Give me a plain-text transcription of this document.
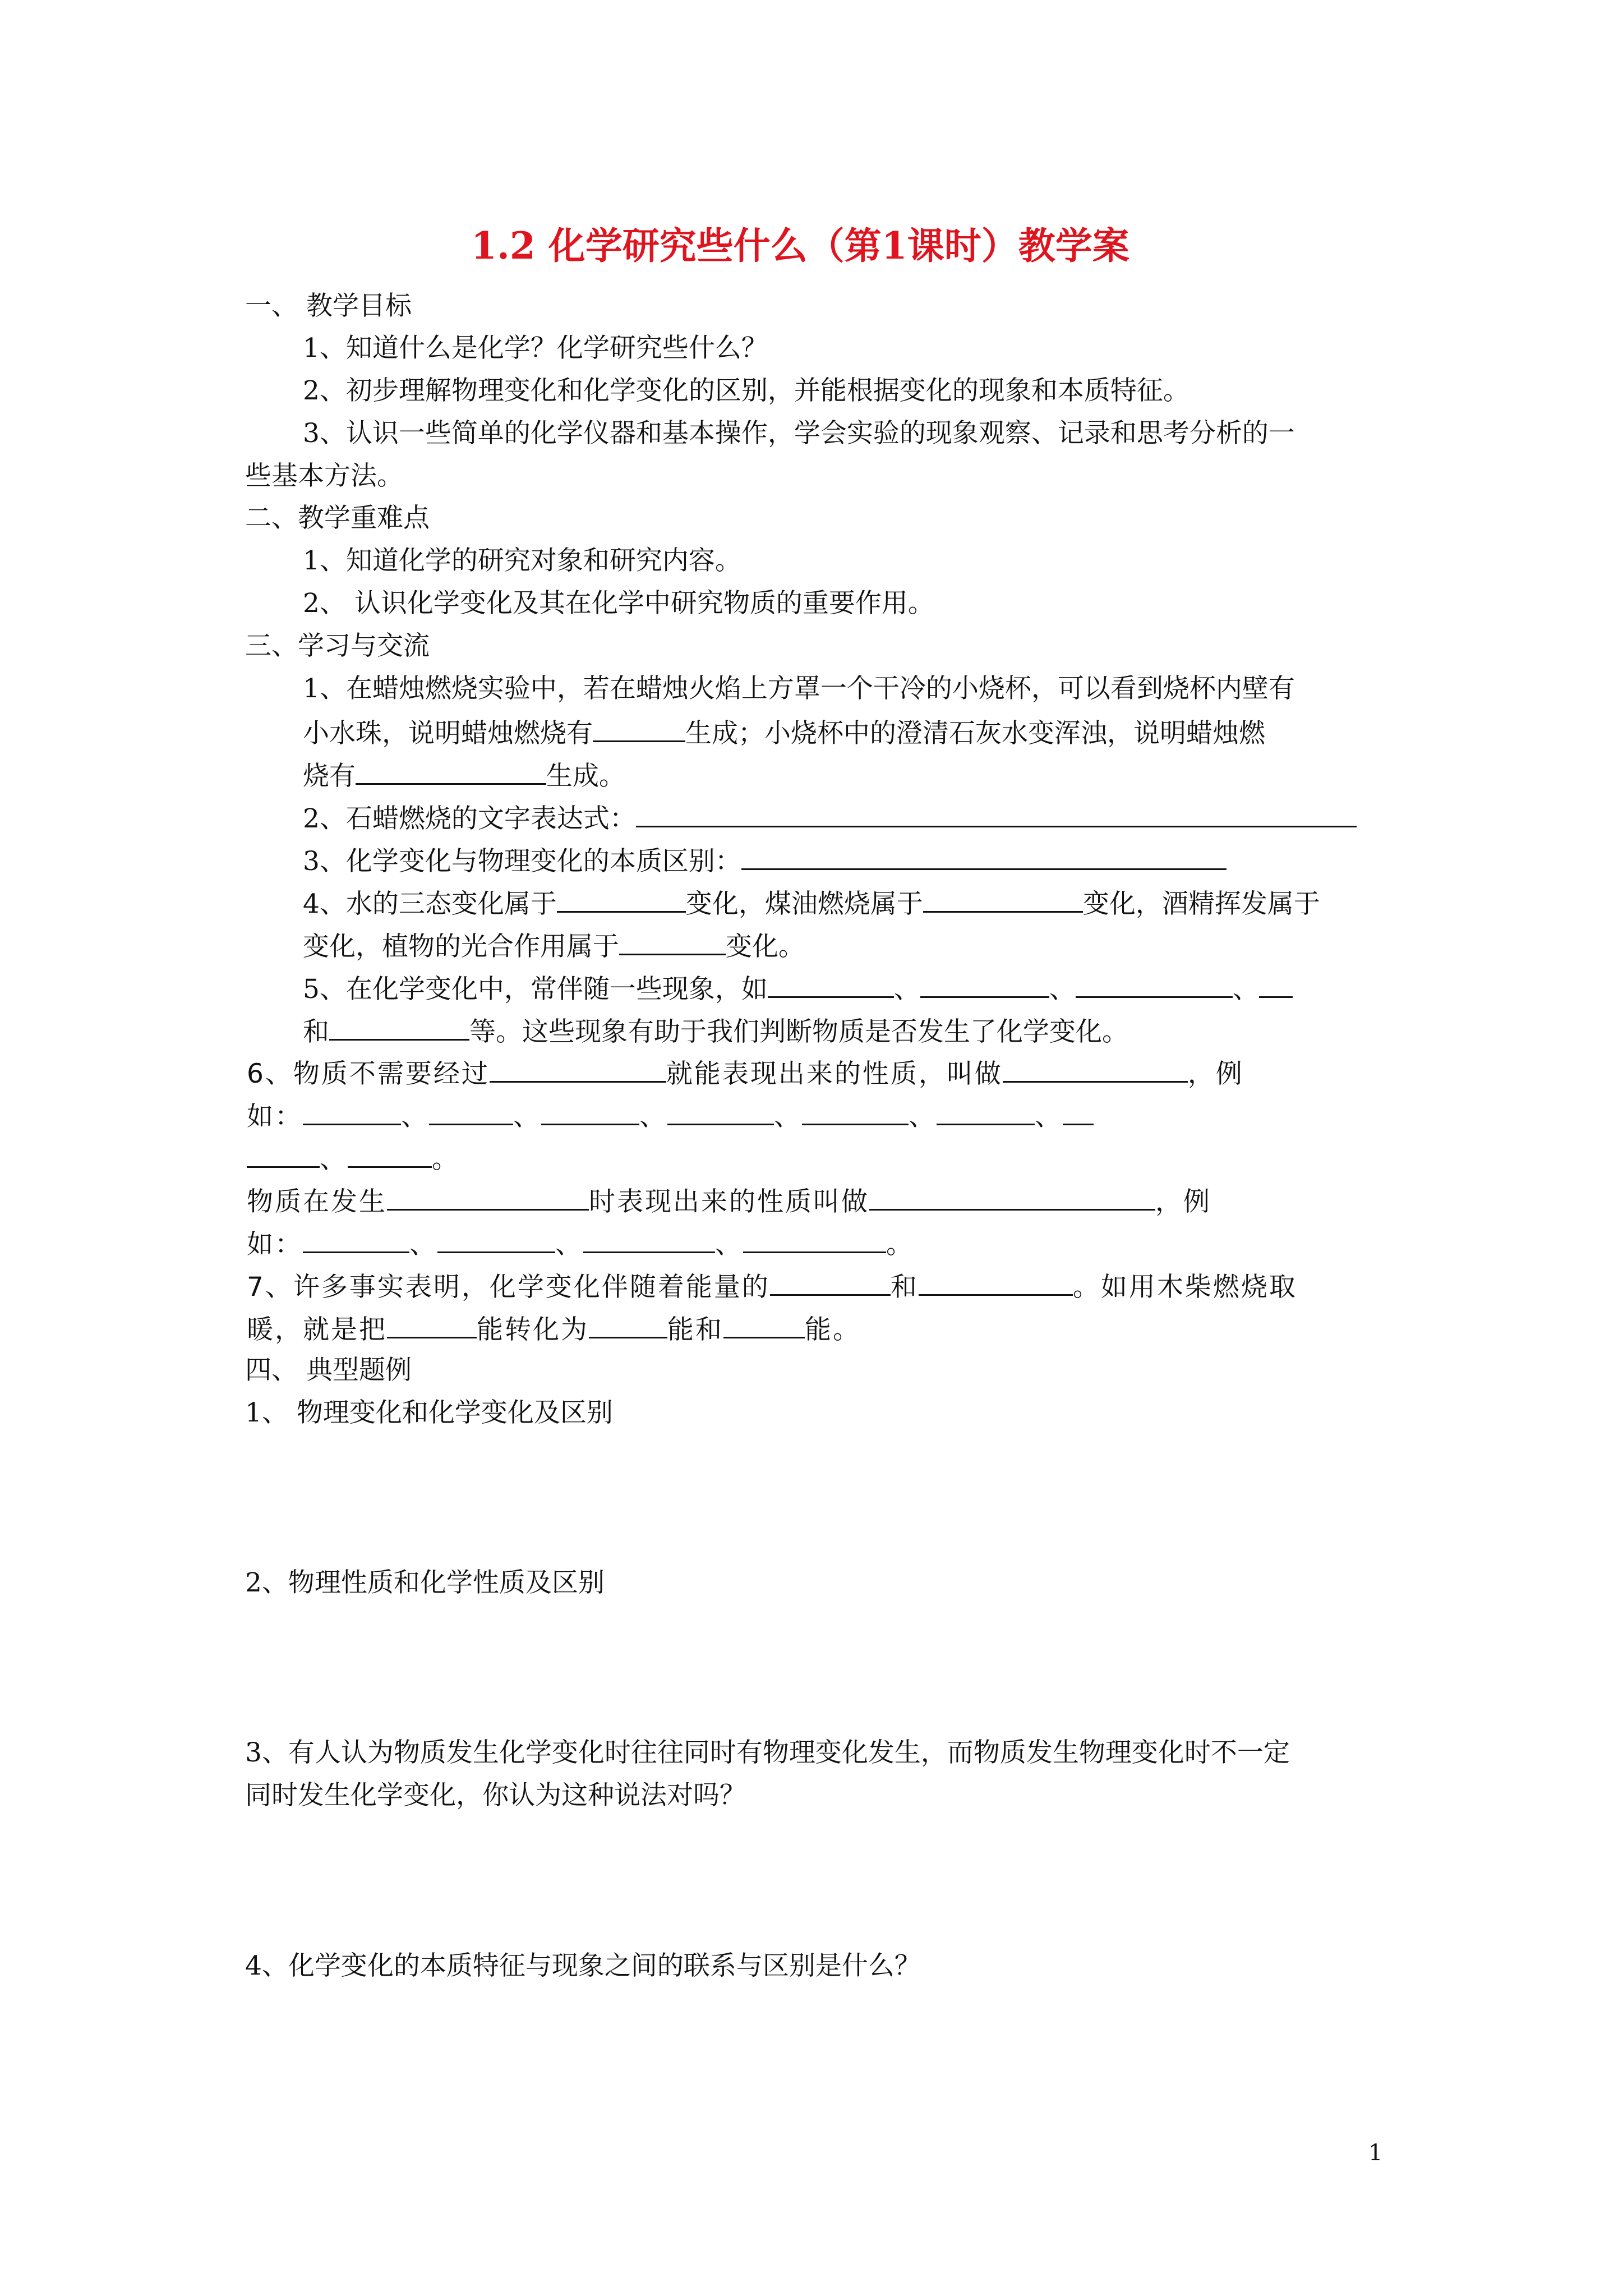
1.2 化学研究些什么（第1课时）教学案
一、 教学目标
1、知道什么是化学？化学研究些什么？
2、初步理解物理变化和化学变化的区别，并能根据变化的现象和本质特征。
3、认识一些简单的化学仪器和基本操作，学会实验的现象观察、记录和思考分析的一
些基本方法。
二、教学重难点
1、知道化学的研究对象和研究内容。
2、 认识化学变化及其在化学中研究物质的重要作用。
三、学习与交流
1、在蜡烛燃烧实验中，若在蜡烛火焰上方罩一个干冷的小烧杯，可以看到烧杯内壁有
小水珠，说明蜡烛燃烧有	生成；小烧杯中的澄清石灰水变浑浊，说明蜡烛燃
烧有	生成。
2、石蜡燃烧的文字表达式：
3、化学变化与物理变化的本质区别：
4、水的三态变化属于	变化，煤油燃烧属于	变化，酒精挥发属于
变化，植物的光合作用属于	变化。
5、在化学变化中，常伴随一些现象，如	、	、	、
和	等。这些现象有助于我们判断物质是否发生了化学变化。
6、物质不需要经过	就能表现出来的性质，叫做	，例
如：	、	、	、	、	、	、
、	。
物质在发生	时表现出来的性质叫做	，例
如：	、	、	、	。
7、许多事实表明，化学变化伴随着能量的	和	。如用木柴燃烧取
暖，就是把	能转化为	能和	能。
四、 典型题例
1、 物理变化和化学变化及区别
2、物理性质和化学性质及区别
3、有人认为物质发生化学变化时往往同时有物理变化发生，而物质发生物理变化时不一定
同时发生化学变化，你认为这种说法对吗？
4、化学变化的本质特征与现象之间的联系与区别是什么？
1
